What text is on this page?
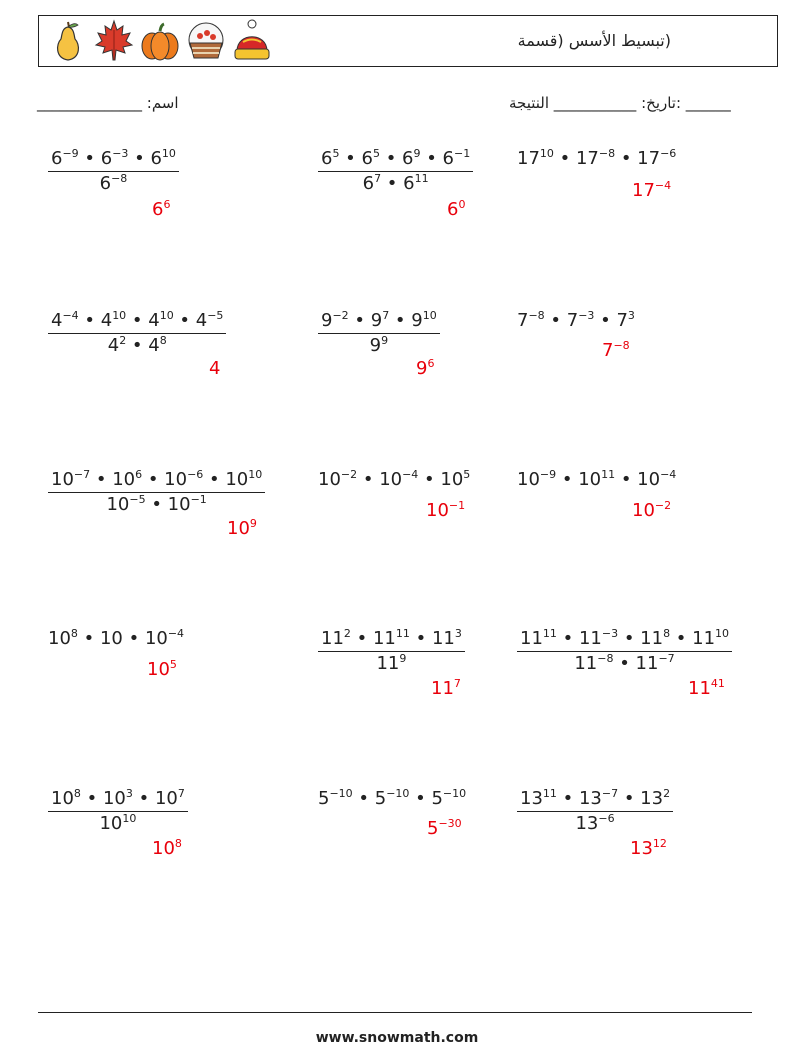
(تبسيط الأسس (قسمة
اسم: ______________	______ :تاريخ: ___________ النتيجة
$\frac{6^{-9} • 6^{-3} • 6^{10}}{6^{-8}}$
$6^6$
$\frac{6^5 • 6^5 • 6^9 • 6^{-1}}{6^7 • 6^{11}}$
$6^0$
$17^{10}$ • $17^{-8}$ • $17^{-6}$
$17^{-4}$
$\frac{4^{-4} • 4^{10} • 4^{10} • 4^{-5}}{4^2 • 4^8}$
4
$\frac{9^{-2} • 9^7 • 9^{10}}{9^9}$
$9^6$
$7^{-8}$ • $7^{-3}$ • $7^3$
$7^{-8}$
$\frac{10^{-7} • 10^6 • 10^{-6} • 10^{10}}{10^{-5} • 10^{-1}}$
$10^9$
$10^{-2}$ • $10^{-4}$ • $10^5$
$10^{-1}$
$10^{-9}$ • $10^{11}$ • $10^{-4}$
$10^{-2}$
$10^8$ • 10 • $10^{-4}$
$10^5$	$\frac{11^2 • 11^{11} • 11^3}{11^9}$
$11^7$
$\frac{11^{11} • 11^{-3} • 11^8 • 11^{10}}{11^{-8} • 11^{-7}}$
$11^{41}$
$\frac{10^8 • 10^3 • 10^7}{10^{10}}$
$10^8$
$5^{-10}$ • $5^{-10}$ • $5^{-10}$
$5^{-30}$	$\frac{13^{11} • 13^{-7} • 13^2}{13^{-6}}$
$13^{12}$
www.snowmath.com
